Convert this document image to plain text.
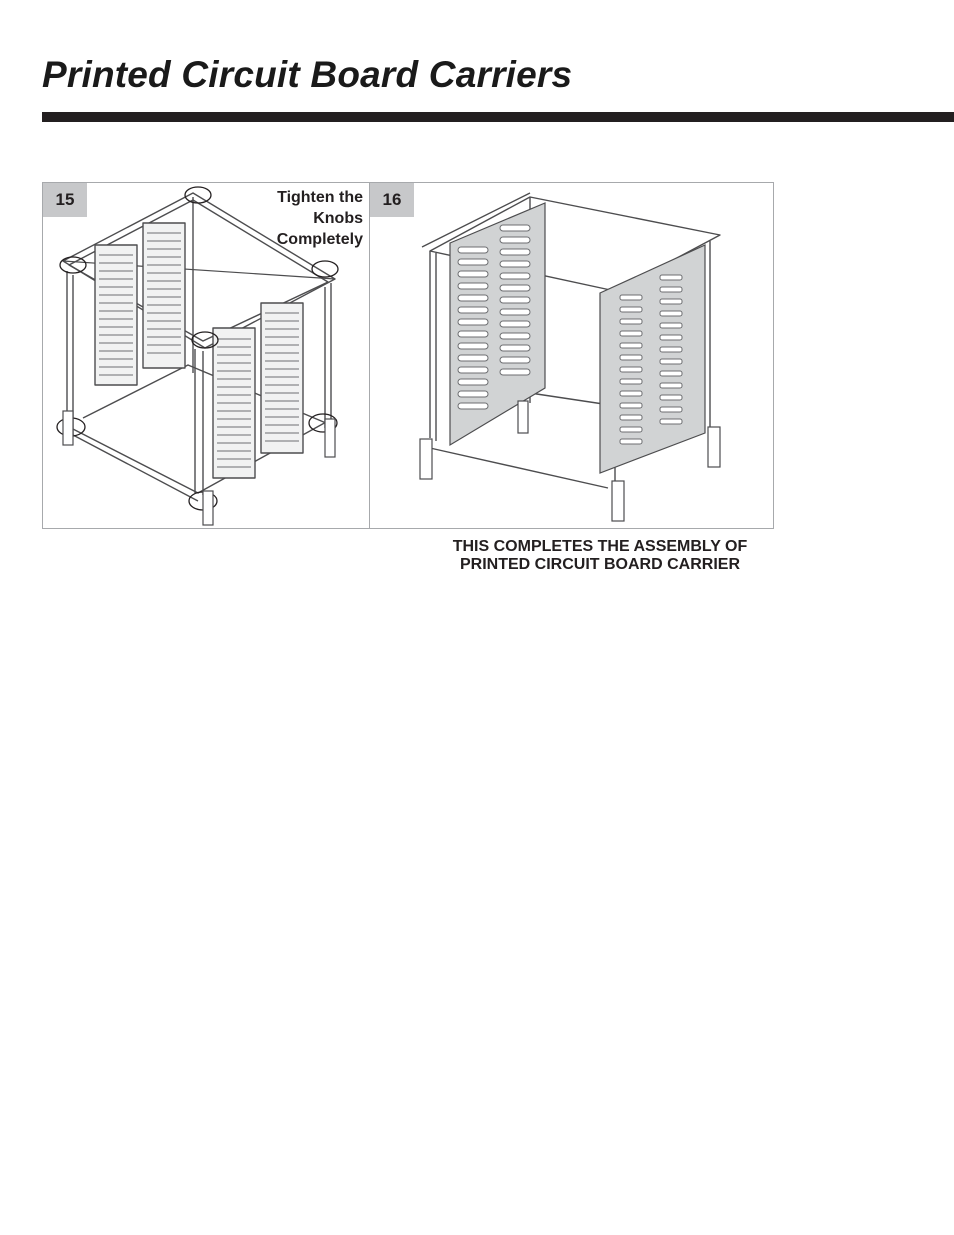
Printed Circuit Board Carriers
15	Tighten the
Knobs
Completely
16
THIS COMPLETES THE ASSEMBLY OF
PRINTED CIRCUIT BOARD CARRIER
